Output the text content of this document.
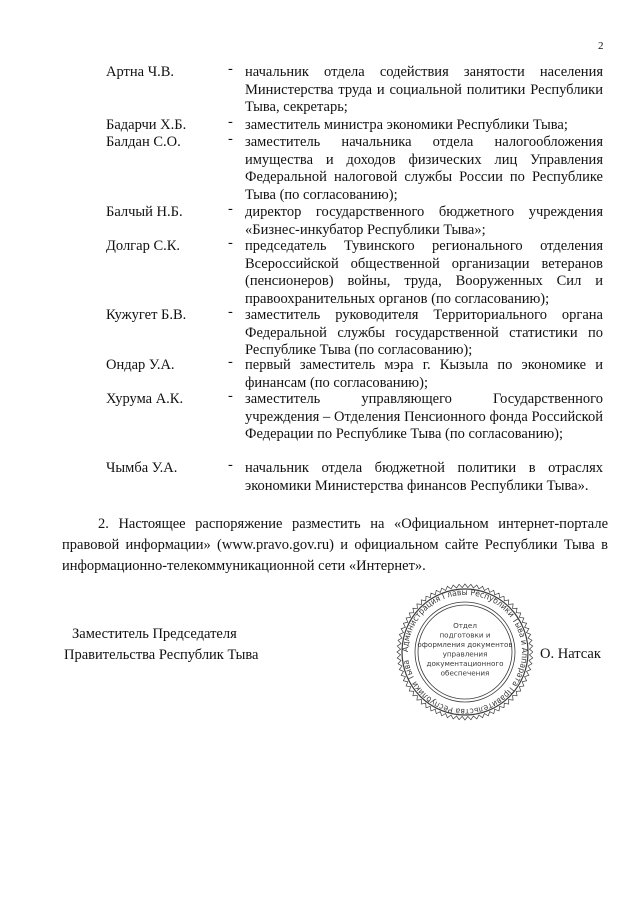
2
Артна Ч.В.	- начальник отдела содействия занятости населения Министерства труда и социальной политики Республики Тыва, секретарь;
Бадарчи Х.Б.	- заместитель министра экономики Республики Тыва;
Балдан С.О.	- заместитель начальника отдела налогообложения имущества и доходов физических лиц Управления Федеральной налоговой службы России по Республике Тыва (по согласованию);
Балчый Н.Б.	- директор государственного бюджетного учреждения «Бизнес-инкубатор Республики Тыва»;
Долгар С.К.	- председатель Тувинского регионального отделения Всероссийской общественной организации ветеранов (пенсионеров) войны, труда, Вооруженных Сил и правоохранительных органов (по согласованию);
Кужугет Б.В.	- заместитель руководителя Территориального органа Федеральной службы государственной статистики по Республике Тыва (по согласованию);
Ондар У.А.	- первый заместитель мэра г. Кызыла по экономике и финансам (по согласованию);
Хурума А.К.	- заместитель управляющего Государственного учреждения – Отделения Пенсионного фонда Российской Федерации по Республике Тыва (по согласованию);
Чымба У.А.	- начальник отдела бюджетной политики в отраслях экономики Министерства финансов Республики Тыва».

2. Настоящее распоряжение разместить на «Официальном интернет-портале правовой информации» (www.pravo.gov.ru) и официальном сайте Республики Тыва в информационно-телекоммуникационной сети «Интернет».

Заместитель Председателя
Правительства Республик Тыва	О. Натсак
Администрация Главы Республики Тыва и Аппарата Правительства Республики Тыва
Отдел
подготовки и
оформления документов
управления
документационного
обеспечения
